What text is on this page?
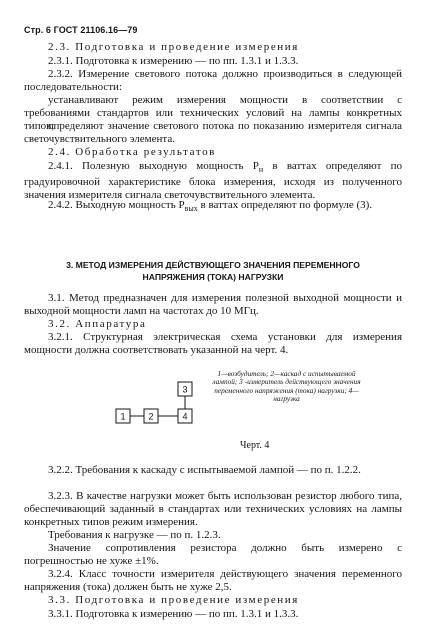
Стр. 6 ГОСТ 21106.16—79

2.3. Подготовка и проведение измерения

2.3.1. Подготовка к измерению — по пп. 1.3.1 и 1.3.3.

2.3.2. Измерение светового потока должно производиться в следующей последовательности:

устанавливают режим измерения мощности в соответствии с требованиями стандартов или технических условий на лампы конкретных типов;

определяют значение светового потока по показанию измерителя сигнала светочувствительного элемента.

2.4. Обработка результатов

2.4.1. Полезную выходную мощность $P_н$ в ваттах определяют по градуировочной характеристике блока измерения, исходя из полученного значения измерителя сигнала светочувствительного элемента.

2.4.2. Выходную мощность $P_{вых}$ в ваттах определяют по формуле (3).

3. МЕТОД ИЗМЕРЕНИЯ ДЕЙСТВУЮЩЕГО ЗНАЧЕНИЯ ПЕРЕМЕННОГО НАПРЯЖЕНИЯ (ТОКА) НАГРУЗКИ

3.1. Метод предназначен для измерения полезной выходной мощности и выходной мощности ламп на частотах до 10 МГц.

3.2. Аппаратура

3.2.1. Структурная электрическая схема установки для измерения мощности должна соответствовать указанной на черт. 4.

3
1	2	4
1—возбудитель; 2—каскад с испытываемой лампой; 3 -измеритель действующего значения переменного напряжения (тока) нагрузки; 4—нагрузка
Черт. 4

3.2.2. Требования к каскаду с испытываемой лампой — по п. 1.2.2.

3.2.3. В качестве нагрузки может быть использован резистор любого типа, обеспечивающий заданный в стандартах или технических условиях на лампы конкретных типов режим измерения.

Требования к нагрузке — по п. 1.2.3.

Значение сопротивления резистора должно быть измерено с погрешностью не хуже ±1%.

3.2.4. Класс точности измерителя действующего значения переменного напряжения (тока) должен быть не хуже 2,5.

3.3. Подготовка и проведение измерения

3.3.1. Подготовка к измерению — по пп. 1.3.1 и 1.3.3.
